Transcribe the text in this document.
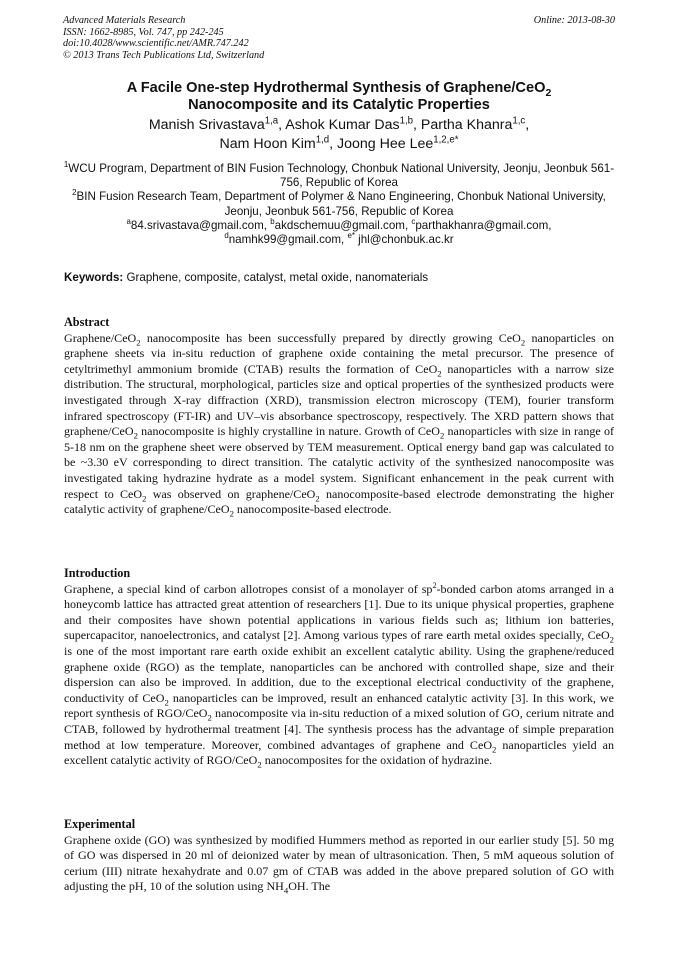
Advanced Materials Research
ISSN: 1662-8985, Vol. 747, pp 242-245
doi:10.4028/www.scientific.net/AMR.747.242
© 2013 Trans Tech Publications Ltd, Switzerland
Online: 2013-08-30
A Facile One-step Hydrothermal Synthesis of Graphene/CeO$_2$
Nanocomposite and its Catalytic Properties
Manish Srivastava$^{1,a}$, Ashok Kumar Das$^{1,b}$, Partha Khanra$^{1,c}$,
Nam Hoon Kim$^{1,d}$, Joong Hee Lee$^{1,2,e*}$

$^1$WCU Program, Department of BIN Fusion Technology, Chonbuk National University, Jeonju, Jeonbuk 561-756, Republic of Korea

$^2$BIN Fusion Research Team, Department of Polymer & Nano Engineering, Chonbuk National University, Jeonju, Jeonbuk 561-756, Republic of Korea

$^a$84.srivastava@gmail.com, $^b$akdschemuu@gmail.com, $^c$parthakhanra@gmail.com,

$^d$namhk99@gmail.com, $^{e*}$ jhl@chonbuk.ac.kr

Keywords: Graphene, composite, catalyst, metal oxide, nanomaterials
Abstract

Graphene/CeO$_2$ nanocomposite has been successfully prepared by directly growing CeO$_2$ nanoparticles on graphene sheets via in-situ reduction of graphene oxide containing the metal precursor. The presence of cetyltrimethyl ammonium bromide (CTAB) results the formation of CeO$_2$ nanoparticles with a narrow size distribution. The structural, morphological, particles size and optical properties of the synthesized products were investigated through X-ray diffraction (XRD), transmission electron microscopy (TEM), fourier transform infrared spectroscopy (FT-IR) and UV–vis absorbance spectroscopy, respectively. The XRD pattern shows that graphene/CeO$_2$ nanocomposite is highly crystalline in nature. Growth of CeO$_2$ nanoparticles with size in range of 5-18 nm on the graphene sheet were observed by TEM measurement. Optical energy band gap was calculated to be ~3.30 eV corresponding to direct transition. The catalytic activity of the synthesized nanocomposite was investigated taking hydrazine hydrate as a model system. Significant enhancement in the peak current with respect to CeO$_2$ was observed on graphene/CeO$_2$ nanocomposite-based electrode demonstrating the higher catalytic activity of graphene/CeO$_2$ nanocomposite-based electrode.

Introduction

Graphene, a special kind of carbon allotropes consist of a monolayer of $sp^2$-bonded carbon atoms arranged in a honeycomb lattice has attracted great attention of researchers [1]. Due to its unique physical properties, graphene and their composites have shown potential applications in various fields such as; lithium ion batteries, supercapacitor, nanoelectronics, and catalyst [2]. Among various types of rare earth metal oxides specially, CeO$_2$ is one of the most important rare earth oxide exhibit an excellent catalytic ability. Using the graphene/reduced graphene oxide (RGO) as the template, nanoparticles can be anchored with controlled shape, size and their dispersion can also be improved. In addition, due to the exceptional electrical conductivity of the graphene, conductivity of CeO$_2$ nanoparticles can be improved, result an enhanced catalytic activity [3]. In this work, we report synthesis of RGO/CeO$_2$ nanocomposite via in-situ reduction of a mixed solution of GO, cerium nitrate and CTAB, followed by hydrothermal treatment [4]. The synthesis process has the advantage of simple preparation method at low temperature. Moreover, combined advantages of graphene and CeO$_2$ nanoparticles yield an excellent catalytic activity of RGO/CeO$_2$ nanocomposites for the oxidation of hydrazine.

Experimental

Graphene oxide (GO) was synthesized by modified Hummers method as reported in our earlier study [5]. 50 mg of GO was dispersed in 20 ml of deionized water by mean of ultrasonication. Then, 5 mM aqueous solution of cerium (III) nitrate hexahydrate and 0.07 gm of CTAB was added in the above prepared solution of GO with adjusting the pH, 10 of the solution using $NH_4OH$. The
